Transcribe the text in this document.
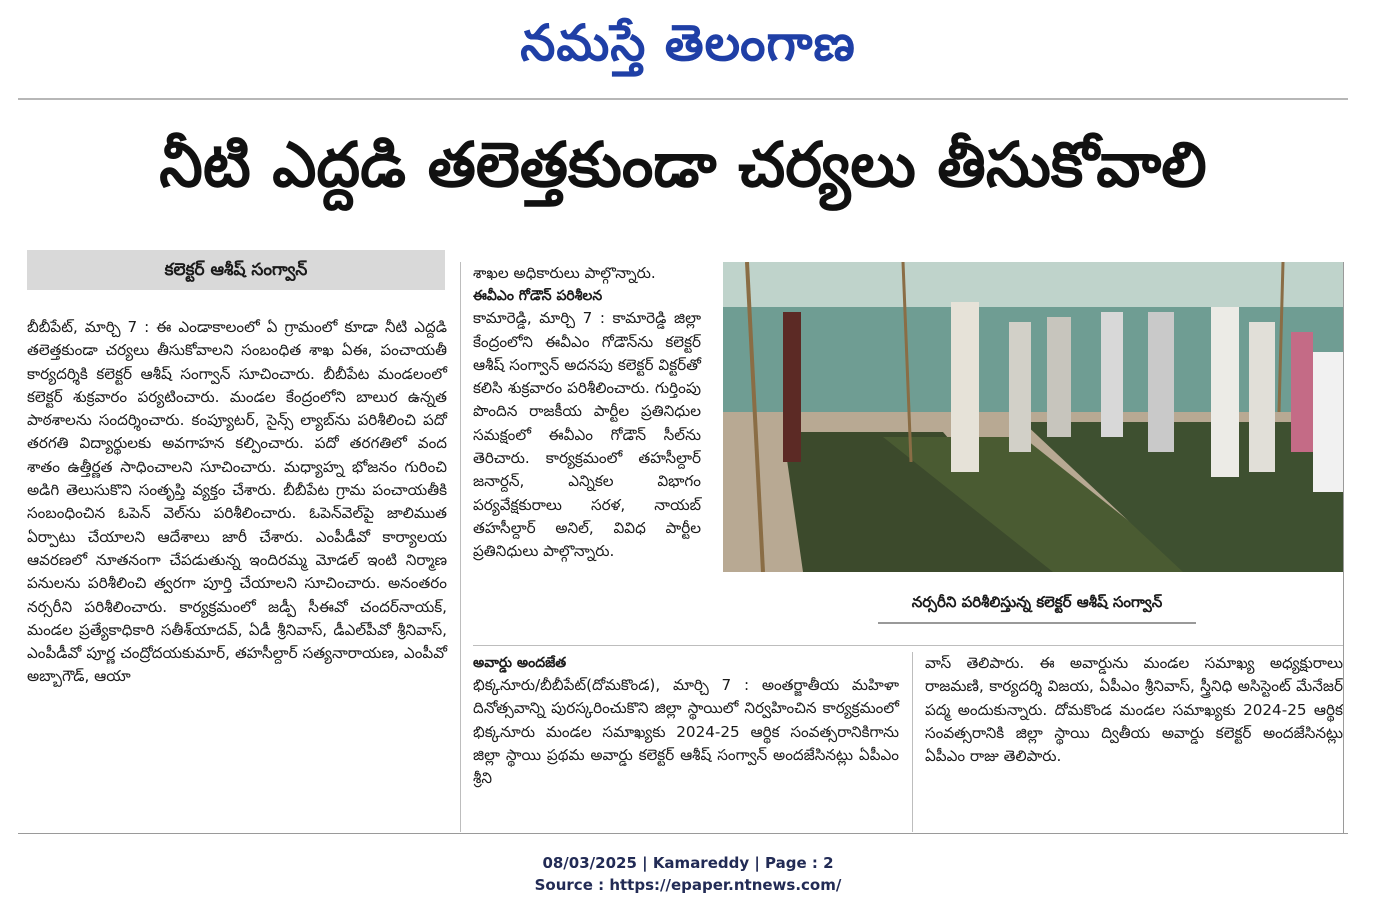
నమస్తే తెలంగాణ
నీటి ఎద్దడి తలెత్తకుండా చర్యలు తీసుకోవాలి
కలెక్టర్ ఆశీష్ సంగ్వాన్

బీబీపేట్, మార్చి 7 : ఈ ఎండాకాలంలో ఏ గ్రామంలో కూడా నీటి ఎద్దడి తలెత్తకుండా చర్యలు తీసుకోవాలని సంబంధిత శాఖ ఏఈ, పంచాయతీ కార్యదర్శికి కలెక్టర్ ఆశీష్ సంగ్వాన్ సూచించారు. బీబీపేట మండలంలో కలెక్టర్ శుక్రవారం పర్యటించారు. మండల కేంద్రంలోని బాలుర ఉన్నత పాఠశాలను సందర్శించారు. కంప్యూటర్, సైన్స్ ల్యాబ్‌ను పరిశీలించి పదో తరగతి విద్యార్థులకు అవగాహన కల్పించారు. పదో తరగతిలో వంద శాతం ఉత్తీర్ణత సాధించాలని సూచించారు. మధ్యాహ్న భోజనం గురించి అడిగి తెలుసుకొని సంతృప్తి వ్యక్తం చేశారు. బీబీపేట గ్రామ పంచాయతీకి సంబంధించిన ఓపెన్ వెల్‌ను పరిశీలించారు. ఓపెన్‌వెల్‌పై జాలిముత ఏర్పాటు చేయాలని ఆదేశాలు జారీ చేశారు. ఎంపీడీవో కార్యాలయ ఆవరణలో నూతనంగా చేపడుతున్న ఇందిరమ్మ మోడల్ ఇంటి నిర్మాణ పనులను పరిశీలించి త్వరగా పూర్తి చేయాలని సూచించారు. అనంతరం నర్సరీని పరిశీలించారు. కార్యక్రమంలో జడ్పీ సీఈవో చందర్‌నాయక్, మండల ప్రత్యేకాధికారి సతీశ్‌యాదవ్, ఏడీ శ్రీనివాస్, డీఎల్‌పీవో శ్రీనివాస్, ఎంపీడీవో పూర్ణ చంద్రోదయకుమార్, తహసీల్దార్ సత్యనారాయణ, ఎంపీవో అబ్బాగౌడ్, ఆయా

శాఖల అధికారులు పాల్గొన్నారు.

ఈవీఎం గోడౌన్ పరిశీలన

కామారెడ్డి, మార్చి 7 : కామారెడ్డి జిల్లా కేంద్రంలోని ఈవీఎం గోడౌన్‌ను కలెక్టర్ ఆశీష్ సంగ్వాన్ అదనపు కలెక్టర్ విక్టర్‌తో కలిసి శుక్రవారం పరిశీలించారు. గుర్తింపు పొందిన రాజకీయ పార్టీల ప్రతినిధుల సమక్షంలో ఈవీఎం గోడౌన్ సీల్‌ను తెరిచారు. కార్యక్రమంలో తహసీల్దార్ జనార్దన్, ఎన్నికల విభాగం పర్యవేక్షకురాలు సరళ, నాయబ్ తహసీల్దార్ అనిల్, వివిధ పార్టీల ప్రతినిధులు పాల్గొన్నారు.

నర్సరీని పరిశీలిస్తున్న కలెక్టర్ ఆశీష్ సంగ్వాన్
అవార్డు అందజేత

భిక్కనూరు/బీబీపేట్(దోమకొండ), మార్చి 7 : అంతర్జాతీయ మహిళా దినోత్సవాన్ని పురస్కరించుకొని జిల్లా స్థాయిలో నిర్వహించిన కార్యక్రమంలో భిక్కనూరు మండల సమాఖ్యకు 2024-25 ఆర్థిక సంవత్సరానికిగాను జిల్లా స్థాయి ప్రథమ అవార్డు కలెక్టర్ ఆశీష్ సంగ్వాన్ అందజేసినట్లు ఏపీఎం శ్రీని

వాస్ తెలిపారు. ఈ అవార్డును మండల సమాఖ్య అధ్యక్షురాలు రాజమణి, కార్యదర్శి విజయ, ఏపీఎం శ్రీనివాస్, స్త్రీనిధి అసిస్టెంట్ మేనేజర్ పద్మ అందుకున్నారు. దోమకొండ మండల సమాఖ్యకు 2024-25 ఆర్థిక సంవత్సరానికి జిల్లా స్థాయి ద్వితీయ అవార్డు కలెక్టర్ అందజేసినట్లు ఏపీఎం రాజు తెలిపారు.

08/03/2025 | Kamareddy | Page : 2
Source : https://epaper.ntnews.com/
